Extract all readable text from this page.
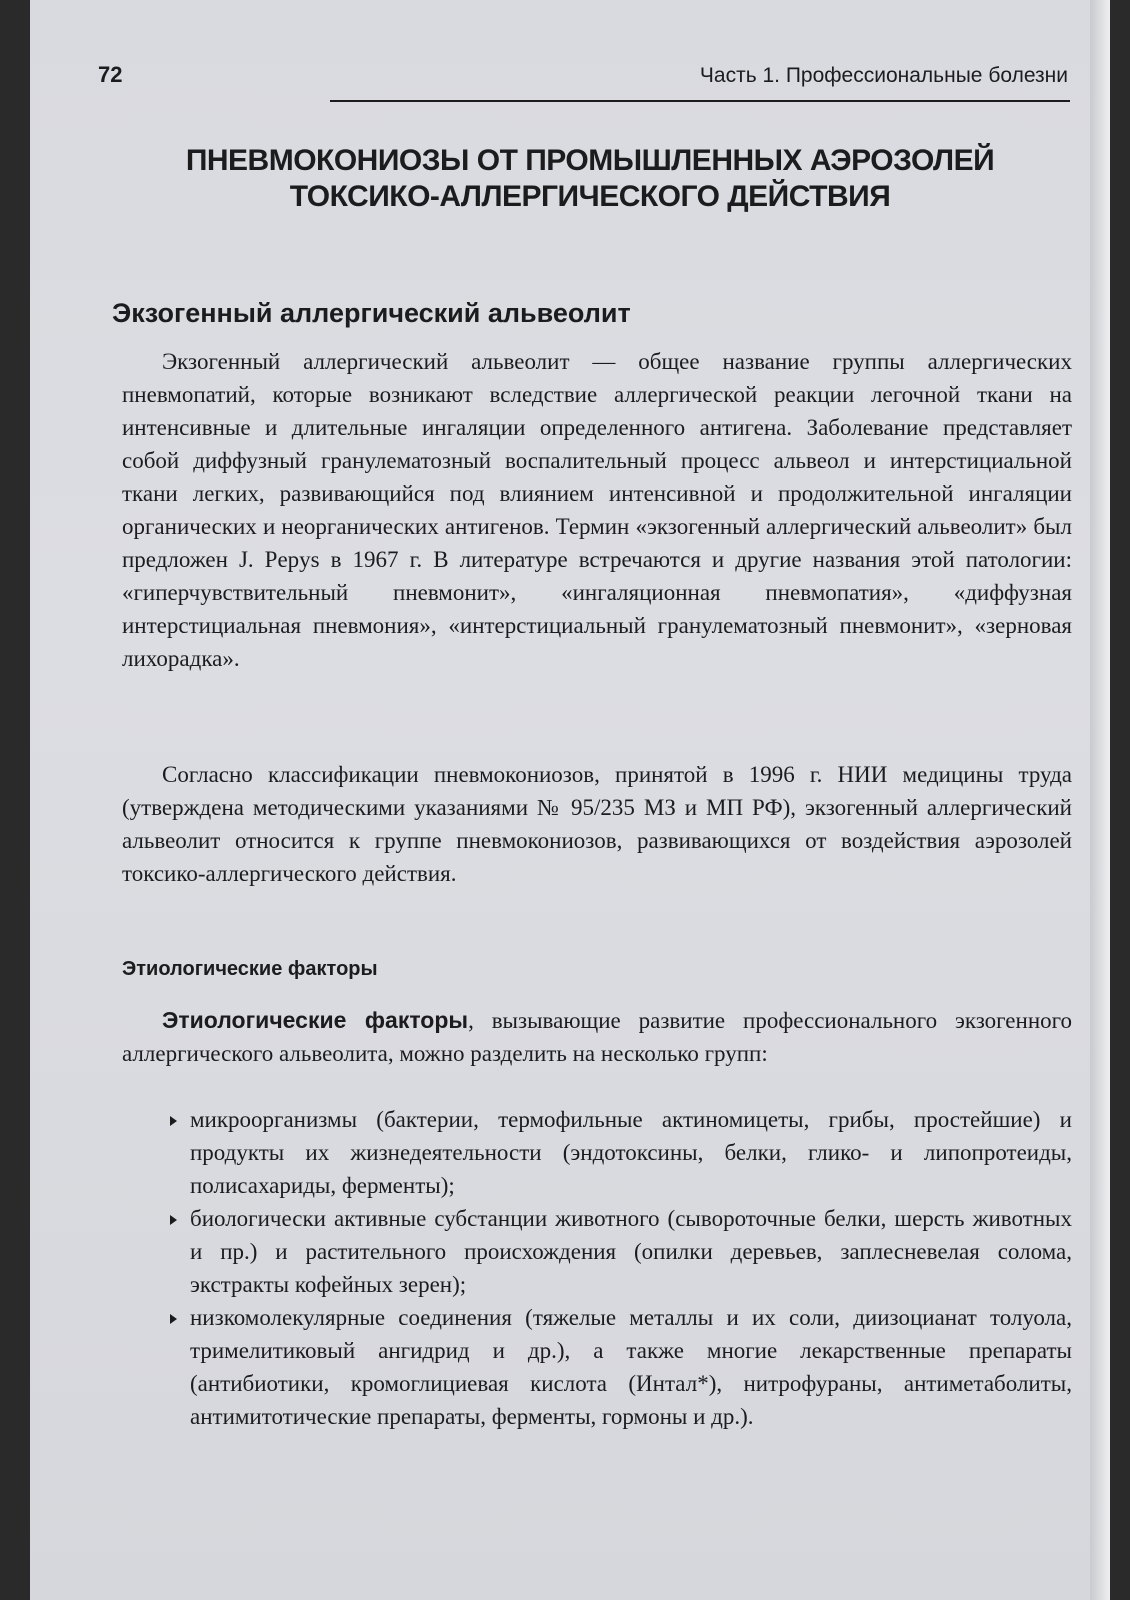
72	Часть 1. Профессиональные болезни
ПНЕВМОКОНИОЗЫ ОТ ПРОМЫШЛЕННЫХ АЭРОЗОЛЕЙ ТОКСИКО-АЛЛЕРГИЧЕСКОГО ДЕЙСТВИЯ
Экзогенный аллергический альвеолит

Экзогенный аллергический альвеолит — общее название группы аллергических пневмопатий, которые возникают вследствие аллергической реакции легочной ткани на интенсивные и длительные ингаляции определенного антигена. Заболевание представляет собой диффузный гранулематозный воспалительный процесс альвеол и интерстициальной ткани легких, развивающийся под влиянием интенсивной и продолжительной ингаляции органических и неорганических антигенов. Термин «экзогенный аллергический альвеолит» был предложен J. Pepys в 1967 г. В литературе встречаются и другие названия этой патологии: «гиперчувствительный пневмонит», «ингаляционная пневмопатия», «диффузная интерстициальная пневмония», «интерстициальный гранулематозный пневмонит», «зерновая лихорадка».

Согласно классификации пневмокониозов, принятой в 1996 г. НИИ медицины труда (утверждена методическими указаниями № 95/235 МЗ и МП РФ), экзогенный аллергический альвеолит относится к группе пневмокониозов, развивающихся от воздействия аэрозолей токсико-аллергического действия.

Этиологические факторы

Этиологические факторы, вызывающие развитие профессионального экзогенного аллергического альвеолита, можно разделить на несколько групп:

микроорганизмы (бактерии, термофильные актиномицеты, грибы, простейшие) и продукты их жизнедеятельности (эндотоксины, белки, глико- и липопротеиды, полисахариды, ферменты);
биологически активные субстанции животного (сывороточные белки, шерсть животных и пр.) и растительного происхождения (опилки деревьев, заплесневелая солома, экстракты кофейных зерен);
низкомолекулярные соединения (тяжелые металлы и их соли, диизоцианат толуола, тримелитиковый ангидрид и др.), а также многие лекарственные препараты (антибиотики, кромоглициевая кислота (Интал*), нитрофураны, антиметаболиты, антимитотические препараты, ферменты, гормоны и др.).
